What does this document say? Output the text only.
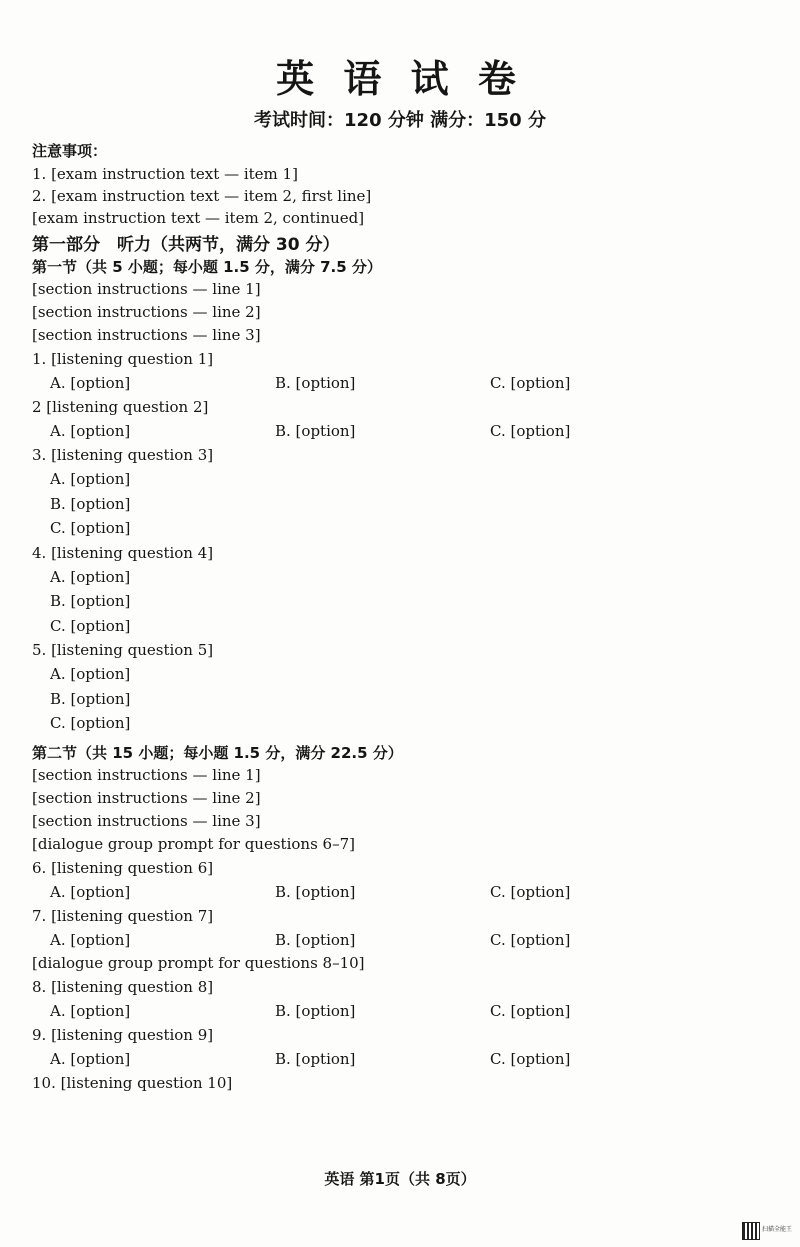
英 语 试 卷

考试时间：120 分钟 满分：150 分

注意事项：

1. [exam instruction text — item 1]

2. [exam instruction text — item 2, first line]

[exam instruction text — item 2, continued]

第一部分　听力（共两节，满分 30 分）

第一节（共 5 小题；每小题 1.5 分，满分 7.5 分）

[section instructions — line 1]

[section instructions — line 2]

[section instructions — line 3]

1. [listening question 1]

A. [option]	B. [option]	C. [option]

2 [listening question 2]

A. [option]	B. [option]	C. [option]

3. [listening question 3]

A. [option]

B. [option]

C. [option]

4. [listening question 4]

A. [option]

B. [option]

C. [option]

5. [listening question 5]

A. [option]

B. [option]

C. [option]

第二节（共 15 小题；每小题 1.5 分，满分 22.5 分）

[section instructions — line 1]

[section instructions — line 2]

[section instructions — line 3]

[dialogue group prompt for questions 6–7]

6. [listening question 6]

A. [option]	B. [option]	C. [option]

7. [listening question 7]

A. [option]	B. [option]	C. [option]

[dialogue group prompt for questions 8–10]

8. [listening question 8]

A. [option]	B. [option]	C. [option]

9. [listening question 9]

A. [option]	B. [option]	C. [option]

10. [listening question 10]

英语 第1页（共 8页）

扫描全能王
